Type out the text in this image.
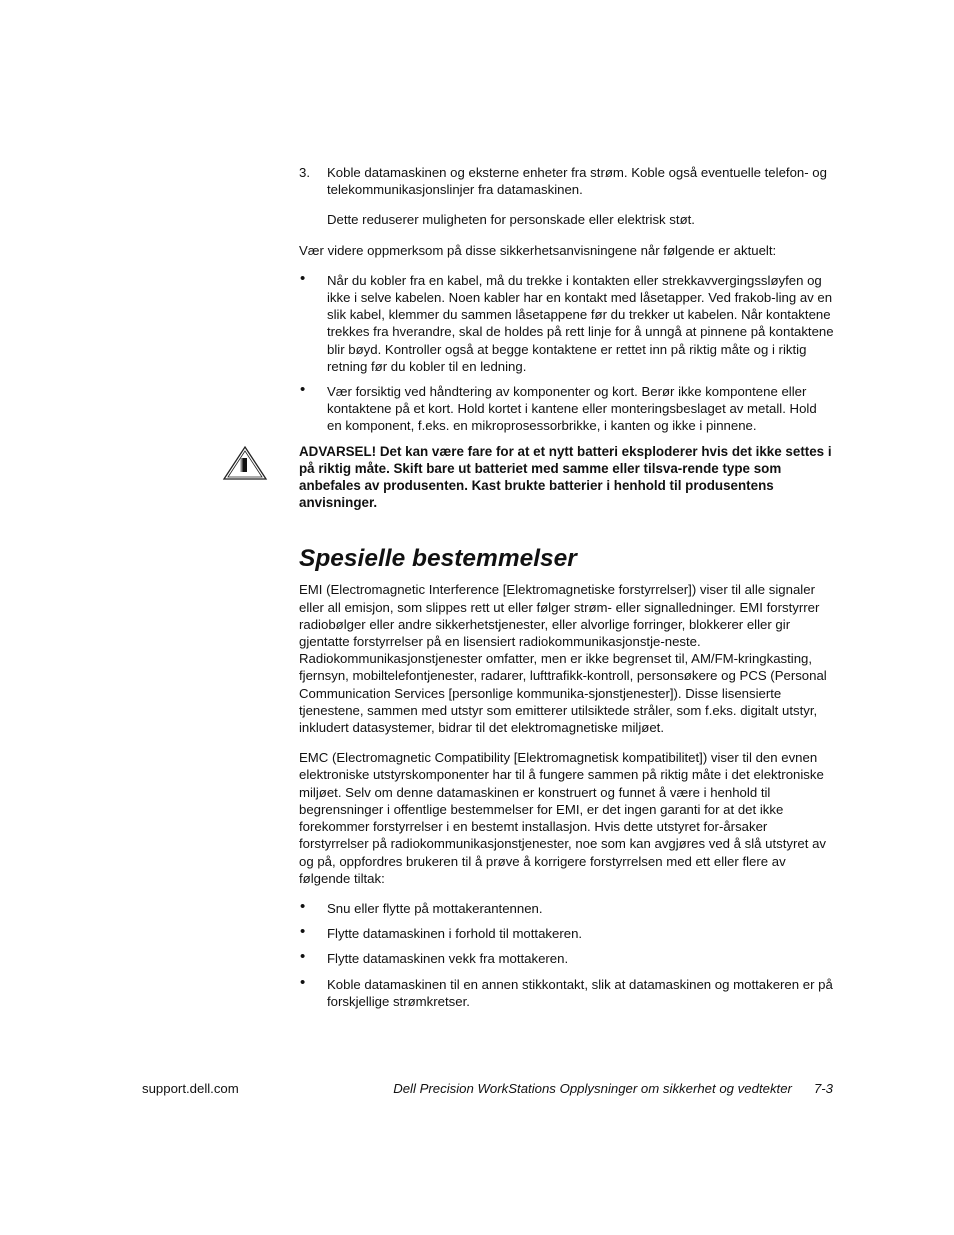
3. Koble datamaskinen og eksterne enheter fra strøm. Koble også eventuelle telefon- og telekommunikasjonslinjer fra datamaskinen.
Dette reduserer muligheten for personskade eller elektrisk støt.
Vær videre oppmerksom på disse sikkerhetsanvisningene når følgende er aktuelt:
• Når du kobler fra en kabel, må du trekke i kontakten eller strekkavvergingssløyfen og ikke i selve kabelen. Noen kabler har en kontakt med låsetapper. Ved frakob-ling av en slik kabel, klemmer du sammen låsetappene før du trekker ut kabelen. Når kontaktene trekkes fra hverandre, skal de holdes på rett linje for å unngå at pinnene på kontaktene blir bøyd. Kontroller også at begge kontaktene er rettet inn på riktig måte og i riktig retning før du kobler til en ledning.
• Vær forsiktig ved håndtering av komponenter og kort. Berør ikke kompontene eller kontaktene på et kort. Hold kortet i kantene eller monteringsbeslaget av metall. Hold en komponent, f.eks. en mikroprosessorbrikke, i kanten og ikke i pinnene.
ADVARSEL! Det kan være fare for at et nytt batteri eksploderer hvis det ikke settes i på riktig måte. Skift bare ut batteriet med samme eller tilsva-rende type som anbefales av produsenten. Kast brukte batterier i henhold til produsentens anvisninger.
Spesielle bestemmelser
EMI (Electromagnetic Interference [Elektromagnetiske forstyrrelser]) viser til alle signaler eller all emisjon, som slippes rett ut eller følger strøm- eller signalledninger. EMI forstyrrer radiobølger eller andre sikkerhetstjenester, eller alvorlige forringer, blokkerer eller gir gjentatte forstyrrelser på en lisensiert radiokommunikasjonstje-neste. Radiokommunikasjonstjenester omfatter, men er ikke begrenset til, AM/FM-kringkasting, fjernsyn, mobiltelefontjenester, radarer, lufttrafikk-kontroll, personsøkere og PCS (Personal Communication Services [personlige kommunika-sjonstjenester]). Disse lisensierte tjenestene, sammen med utstyr som emitterer utilsiktede stråler, som f.eks. digitalt utstyr, inkludert datasystemer, bidrar til det elektromagnetiske miljøet.
EMC (Electromagnetic Compatibility [Elektromagnetisk kompatibilitet]) viser til den evnen elektroniske utstyrskomponenter har til å fungere sammen på riktig måte i det elektroniske miljøet. Selv om denne datamaskinen er konstruert og funnet å være i henhold til begrensninger i offentlige bestemmelser for EMI, er det ingen garanti for at det ikke forekommer forstyrrelser i en bestemt installasjon. Hvis dette utstyret for-årsaker forstyrrelser på radiokommunikasjonstjenester, noe som kan avgjøres ved å slå utstyret av og på, oppfordres brukeren til å prøve å korrigere forstyrrelsen med ett eller flere av følgende tiltak:
• Snu eller flytte på mottakerantennen.
• Flytte datamaskinen i forhold til mottakeren.
• Flytte datamaskinen vekk fra mottakeren.
• Koble datamaskinen til en annen stikkontakt, slik at datamaskinen og mottakeren er på forskjellige strømkretser.
support.dell.com	Dell Precision WorkStations Opplysninger om sikkerhet og vedtekter 7-3
